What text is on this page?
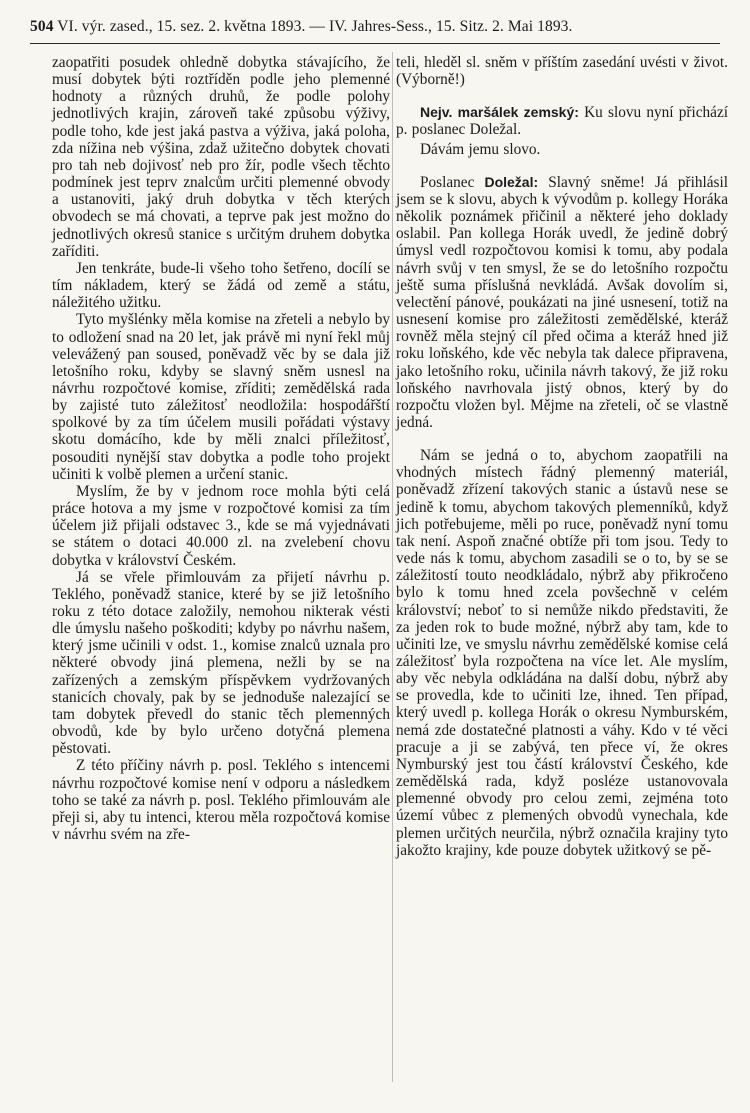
504 VI. výr. zased., 15. sez. 2. května 1893. — IV. Jahres-Sess., 15. Sitz. 2. Mai 1893.

zaopatřiti posudek ohledně dobytka stávajícího, že musí dobytek býti roztříděn podle jeho plemenné hodnoty a různých druhů, že podle polohy jednotlivých krajin, zároveň také způsobu výživy, podle toho, kde jest jaká pastva a výživa, jaká poloha, zda nížina neb výšina, zdaž užitečno dobytek chovati pro tah neb dojivosť neb pro žír, podle všech těchto podmínek jest teprv znalcům určiti plemenné obvody a ustanoviti, jaký druh dobytka v těch kterých obvodech se má chovati, a teprve pak jest možno do jednotlivých okresů stanice s určitým druhem dobytka zaříditi.

Jen tenkráte, bude-li všeho toho šetřeno, docílí se tím nákladem, který se žádá od země a státu, náležitého užitku.

Tyto myšlénky měla komise na zřeteli a nebylo by to odložení snad na 20 let, jak právě mi nyní řekl můj velevážený pan soused, poněvadž věc by se dala již letošního roku, kdyby se slavný sněm usnesl na návrhu rozpočtové komise, zříditi; zemědělská rada by zajisté tuto záležitosť neodložila: hospodářští spolkové by za tím účelem musili pořádati výstavy skotu domácího, kde by měli znalci příležitosť, posouditi nynější stav dobytka a podle toho projekt učiniti k volbě plemen a určení stanic.

Myslím, že by v jednom roce mohla býti celá práce hotova a my jsme v rozpočtové komisi za tím účelem již přijali odstavec 3., kde se má vyjednávati se státem o dotaci 40.000 zl. na zvelebení chovu dobytka v království Českém.

Já se vřele přimlouvám za přijetí návrhu p. Teklého, poněvadž stanice, které by se již letošního roku z této dotace založily, nemohou nikterak vésti dle úmyslu našeho poškoditi; kdyby po návrhu našem, který jsme učinili v odst. 1., komise znalců uznala pro některé obvody jiná plemena, nežli by se na zařízených a zemským příspěvkem vydržovaných stanicích chovaly, pak by se jednoduše nalezající se tam dobytek převedl do stanic těch plemenných obvodů, kde by bylo určeno dotyčná plemena pěstovati.

Z této příčiny návrh p. posl. Teklého s intencemi návrhu rozpočtové komise není v odporu a následkem toho se také za návrh p. posl. Teklého přimlouvám ale přeji si, aby tu intenci, kterou měla rozpočtová komise v návrhu svém na zře-

teli, hleděl sl. sněm v příštím zasedání uvésti v život. (Výborně!)

Nejv. maršálek zemský: Ku slovu nyní přichází p. poslanec Doležal.

Dávám jemu slovo.

Poslanec Doležal: Slavný sněme! Já přihlásil jsem se k slovu, abych k vývodům p. kollegy Horáka několik poznámek přičinil a některé jeho doklady oslabil. Pan kollega Horák uvedl, že jedině dobrý úmysl vedl rozpočtovou komisi k tomu, aby podala návrh svůj v ten smysl, že se do letošního rozpočtu ještě suma příslušná nevkládá. Avšak dovolím si, velectění pánové, poukázati na jiné usnesení, totiž na usnesení komise pro záležitosti zemědělské, kteráž rovněž měla stejný cíl před očima a kteráž hned již roku loňského, kde věc nebyla tak dalece připravena, jako letošního roku, učinila návrh takový, že již roku loňského navrhovala jistý obnos, který by do rozpočtu vložen byl. Mějme na zřeteli, oč se vlastně jedná.

Nám se jedná o to, abychom zaopatřili na vhodných místech řádný plemenný materiál, poněvadž zřízení takových stanic a ústavů nese se jedině k tomu, abychom takových plemenníků, když jich potřebujeme, měli po ruce, poněvadž nyní tomu tak není. Aspoň značné obtíže při tom jsou. Tedy to vede nás k tomu, abychom zasadili se o to, by se se záležitostí touto neodkládalo, nýbrž aby přikročeno bylo k tomu hned zcela povšechně v celém království; neboť to si nemůže nikdo představiti, že za jeden rok to bude možné, nýbrž aby tam, kde to učiniti lze, ve smyslu návrhu zemědělské komise celá záležitosť byla rozpočtena na více let. Ale myslím, aby věc nebyla odkládána na další dobu, nýbrž aby se provedla, kde to učiniti lze, ihned. Ten případ, který uvedl p. kollega Horák o okresu Nymburském, nemá zde dostatečné platnosti a váhy. Kdo v té věci pracuje a ji se zabývá, ten přece ví, že okres Nymburský jest tou částí království Českého, kde zemědělská rada, když posléze ustanovovala plemenné obvody pro celou zemi, zejména toto území vůbec z plemených obvodů vynechala, kde plemen určitých neurčila, nýbrž označila krajiny tyto jakožto krajiny, kde pouze dobytek užitkový se pě-
